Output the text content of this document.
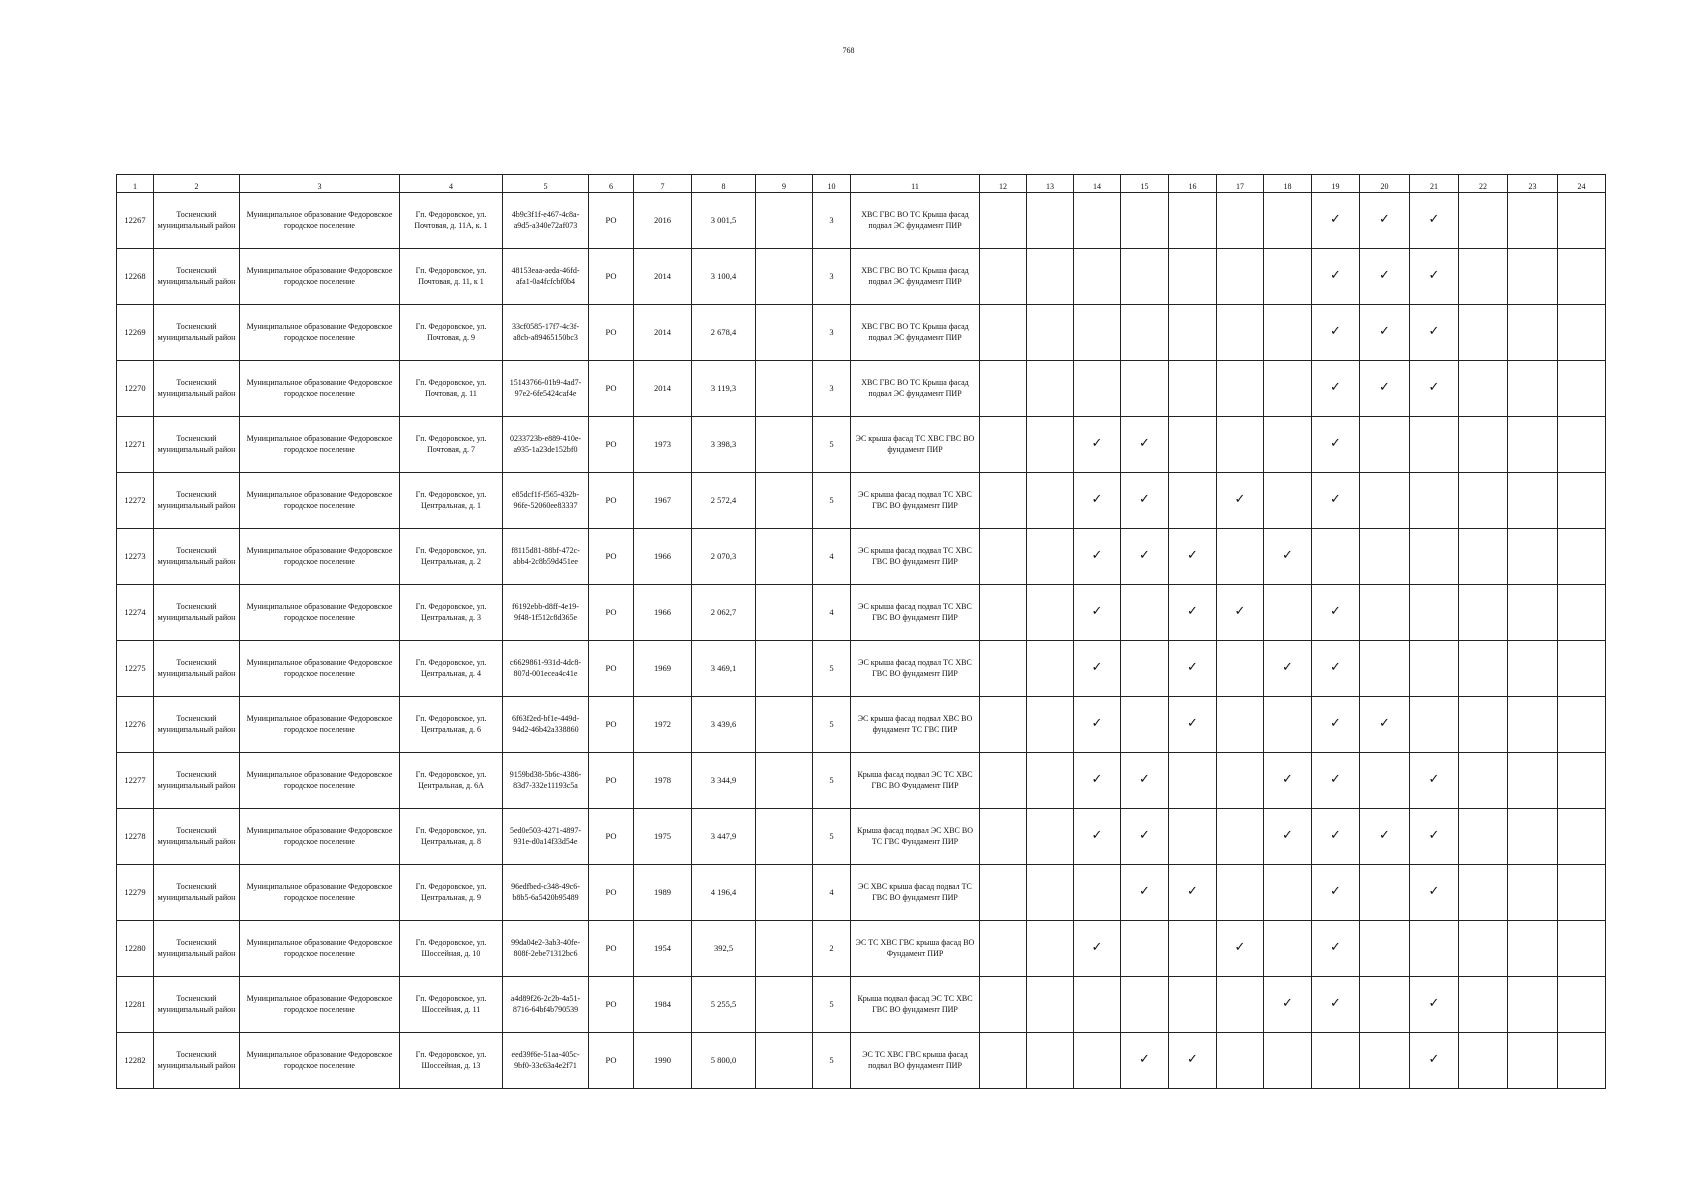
768
1	2	3	4	5	6	7	8	9	10	11	12	13	14	15	16	17	18	19	20	21	22	23	24
12267	Тосненский муниципальный район	Муниципальное образование Федоровское городское поселение	Гп. Федоровское, ул. Почтовая, д. 11А, к. 1	4b9c3f1f-e467-4c8a-a9d5-a340e72af073	РО	2016	3 001,5		3	ХВС ГВС ВО ТС Крыша фасад подвал ЭС фундамент ПИР								✓	✓	✓			
12268	Тосненский муниципальный район	Муниципальное образование Федоровское городское поселение	Гп. Федоровское, ул. Почтовая, д. 11, к 1	48153eaa-aeda-46fd-afa1-0a4fcfcbf0b4	РО	2014	3 100,4		3	ХВС ГВС ВО ТС Крыша фасад подвал ЭС фундамент ПИР								✓	✓	✓			
12269	Тосненский муниципальный район	Муниципальное образование Федоровское городское поселение	Гп. Федоровское, ул. Почтовая, д. 9	33cf0585-17f7-4c3f-a8cb-a89465150bc3	РО	2014	2 678,4		3	ХВС ГВС ВО ТС Крыша фасад подвал ЭС фундамент ПИР								✓	✓	✓			
12270	Тосненский муниципальный район	Муниципальное образование Федоровское городское поселение	Гп. Федоровское, ул. Почтовая, д. 11	15143766-01b9-4ad7-97e2-6fe5424caf4e	РО	2014	3 119,3		3	ХВС ГВС ВО ТС Крыша фасад подвал ЭС фундамент ПИР								✓	✓	✓			
12271	Тосненский муниципальный район	Муниципальное образование Федоровское городское поселение	Гп. Федоровское, ул. Почтовая, д. 7	0233723b-e889-410e-a935-1a23de152bf0	РО	1973	3 398,3		5	ЭС крыша фасад ТС ХВС ГВС ВО фундамент ПИР			✓	✓				✓					
12272	Тосненский муниципальный район	Муниципальное образование Федоровское городское поселение	Гп. Федоровское, ул. Центральная, д. 1	e85dcf1f-f565-432b-96fe-52060ee83337	РО	1967	2 572,4		5	ЭС крыша фасад подвал ТС ХВС ГВС ВО фундамент ПИР			✓	✓		✓		✓					
12273	Тосненский муниципальный район	Муниципальное образование Федоровское городское поселение	Гп. Федоровское, ул. Центральная, д. 2	f8115d81-88bf-472c-abb4-2c8b59d451ee	РО	1966	2 070,3		4	ЭС крыша фасад подвал ТС ХВС ГВС ВО фундамент ПИР			✓	✓	✓		✓						
12274	Тосненский муниципальный район	Муниципальное образование Федоровское городское поселение	Гп. Федоровское, ул. Центральная, д. 3	f6192ebb-d8ff-4e19-9f48-1f512c8d365e	РО	1966	2 062,7		4	ЭС крыша фасад подвал ТС ХВС ГВС ВО фундамент ПИР			✓		✓	✓		✓					
12275	Тосненский муниципальный район	Муниципальное образование Федоровское городское поселение	Гп. Федоровское, ул. Центральная, д. 4	c6629861-931d-4dc8-807d-001ecea4c41e	РО	1969	3 469,1		5	ЭС крыша фасад подвал ТС ХВС ГВС ВО фундамент ПИР			✓		✓		✓	✓					
12276	Тосненский муниципальный район	Муниципальное образование Федоровское городское поселение	Гп. Федоровское, ул. Центральная, д. 6	6f63f2ed-bf1e-449d-94d2-46b42a338860	РО	1972	3 439,6		5	ЭС крыша фасад подвал ХВС ВО фундамент ТС ГВС ПИР			✓		✓			✓	✓				
12277	Тосненский муниципальный район	Муниципальное образование Федоровское городское поселение	Гп. Федоровское, ул. Центральная, д. 6А	9159bd38-5b6c-4386-83d7-332e11193c5a	РО	1978	3 344,9		5	Крыша фасад подвал ЭС ТС ХВС ГВС ВО Фундамент ПИР			✓	✓			✓	✓		✓			
12278	Тосненский муниципальный район	Муниципальное образование Федоровское городское поселение	Гп. Федоровское, ул. Центральная, д. 8	5ed0e503-4271-4897-931e-d0a14f33d54e	РО	1975	3 447,9		5	Крыша фасад подвал ЭС ХВС ВО ТС ГВС Фундамент ПИР			✓	✓			✓	✓	✓	✓			
12279	Тосненский муниципальный район	Муниципальное образование Федоровское городское поселение	Гп. Федоровское, ул. Центральная, д. 9	96edfbed-c348-49c6-b8b5-6a5420b95489	РО	1989	4 196,4		4	ЭС ХВС крыша фасад подвал ТС ГВС ВО фундамент ПИР				✓	✓			✓		✓			
12280	Тосненский муниципальный район	Муниципальное образование Федоровское городское поселение	Гп. Федоровское, ул. Шоссейная, д. 10	99da04e2-3ab3-40fe-808f-2ebe71312bc6	РО	1954	392,5		2	ЭС ТС ХВС ГВС крыша фасад ВО Фундамент ПИР			✓			✓		✓					
12281	Тосненский муниципальный район	Муниципальное образование Федоровское городское поселение	Гп. Федоровское, ул. Шоссейная, д. 11	a4d89f26-2c2b-4a51-8716-64bf4b790539	РО	1984	5 255,5		5	Крыша подвал фасад ЭС ТС ХВС ГВС ВО фундамент ПИР							✓	✓		✓			
12282	Тосненский муниципальный район	Муниципальное образование Федоровское городское поселение	Гп. Федоровское, ул. Шоссейная, д. 13	eed39f6e-51aa-405c-9bf0-33c63a4e2f71	РО	1990	5 800,0		5	ЭС ТС ХВС ГВС крыша фасад подвал ВО фундамент ПИР				✓	✓					✓			
